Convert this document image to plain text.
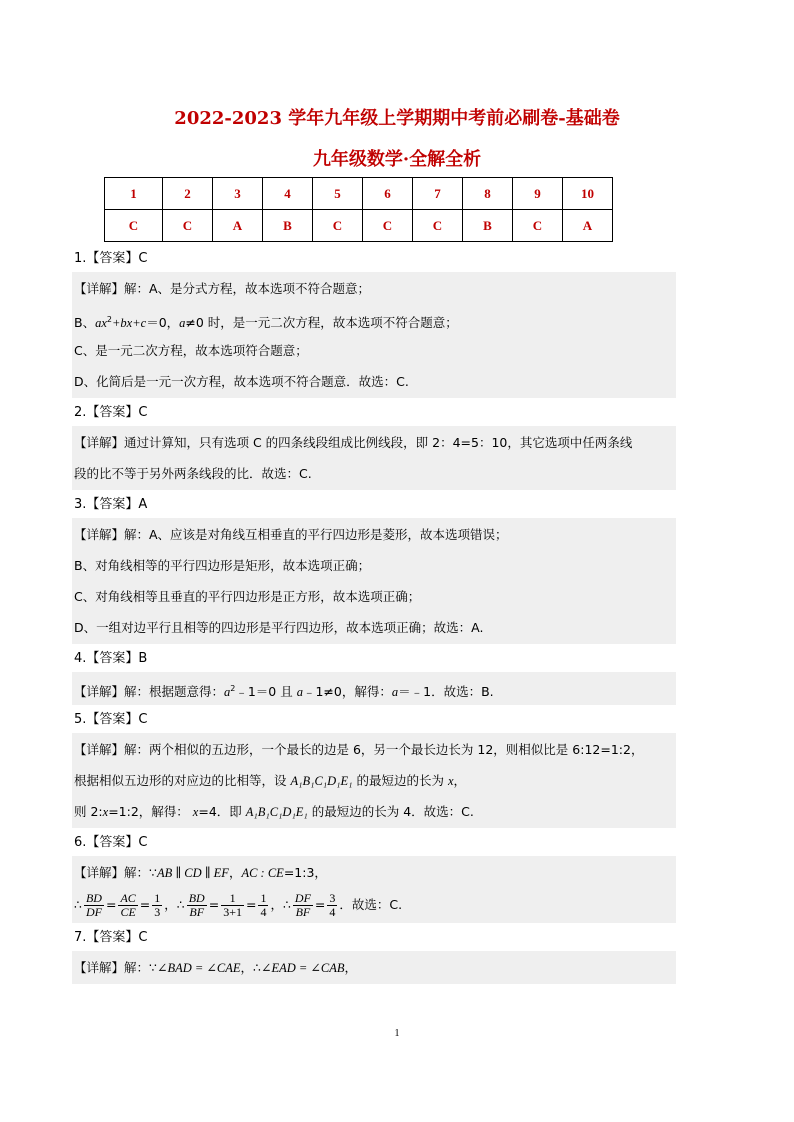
2022-2023 学年九年级上学期期中考前必刷卷-基础卷
九年级数学·全解全析
1	2	3	4	5	6	7	8	9	10
C	C	A	B	C	C	C	B	C	A
1.【答案】C
【详解】解：A、是分式方程，故本选项不符合题意；
B、$ax^2+bx+c=0$，a≠0 时，是一元二次方程，故本选项不符合题意；
C、是一元二次方程，故本选项符合题意；
D、化简后是一元一次方程，故本选项不符合题意．故选：C.
2.【答案】C
【详解】通过计算知，只有选项 C 的四条线段组成比例线段，即 2：4=5：10，其它选项中任两条线
段的比不等于另外两条线段的比．故选：C.
3.【答案】A
【详解】解：A、应该是对角线互相垂直的平行四边形是菱形，故本选项错误；
B、对角线相等的平行四边形是矩形，故本选项正确；
C、对角线相等且垂直的平行四边形是正方形，故本选项正确；
D、一组对边平行且相等的四边形是平行四边形，故本选项正确；故选：A.
4.【答案】B
【详解】解：根据题意得：$a^2﹣1=0$ 且 a﹣1≠0，解得：a＝﹣1．故选：B.
5.【答案】C
【详解】解：两个相似的五边形，一个最长的边是 6，另一个最长边长为 12，则相似比是 6:12=1:2，
根据相似五边形的对应边的比相等，设 A₁B₁C₁D₁E₁ 的最短边的长为 x，
则 2:x=1:2，解得： x=4．即 A₁B₁C₁D₁E₁ 的最短边的长为 4．故选：C.
6.【答案】C
【详解】解：∵AB ∥ CD ∥ EF，AC : CE=1:3，
∴ $\frac{BD}{DF} = \frac{AC}{CE} = \frac{1}{3}$ ，∴ $\frac{BD}{BF} = \frac{1}{3+1} = \frac{1}{4}$ ，∴ $\frac{DF}{BF} = \frac{3}{4}$ ．故选：C.
7.【答案】C
【详解】解：∵∠BAD = ∠CAE，∴∠EAD = ∠CAB，
1
